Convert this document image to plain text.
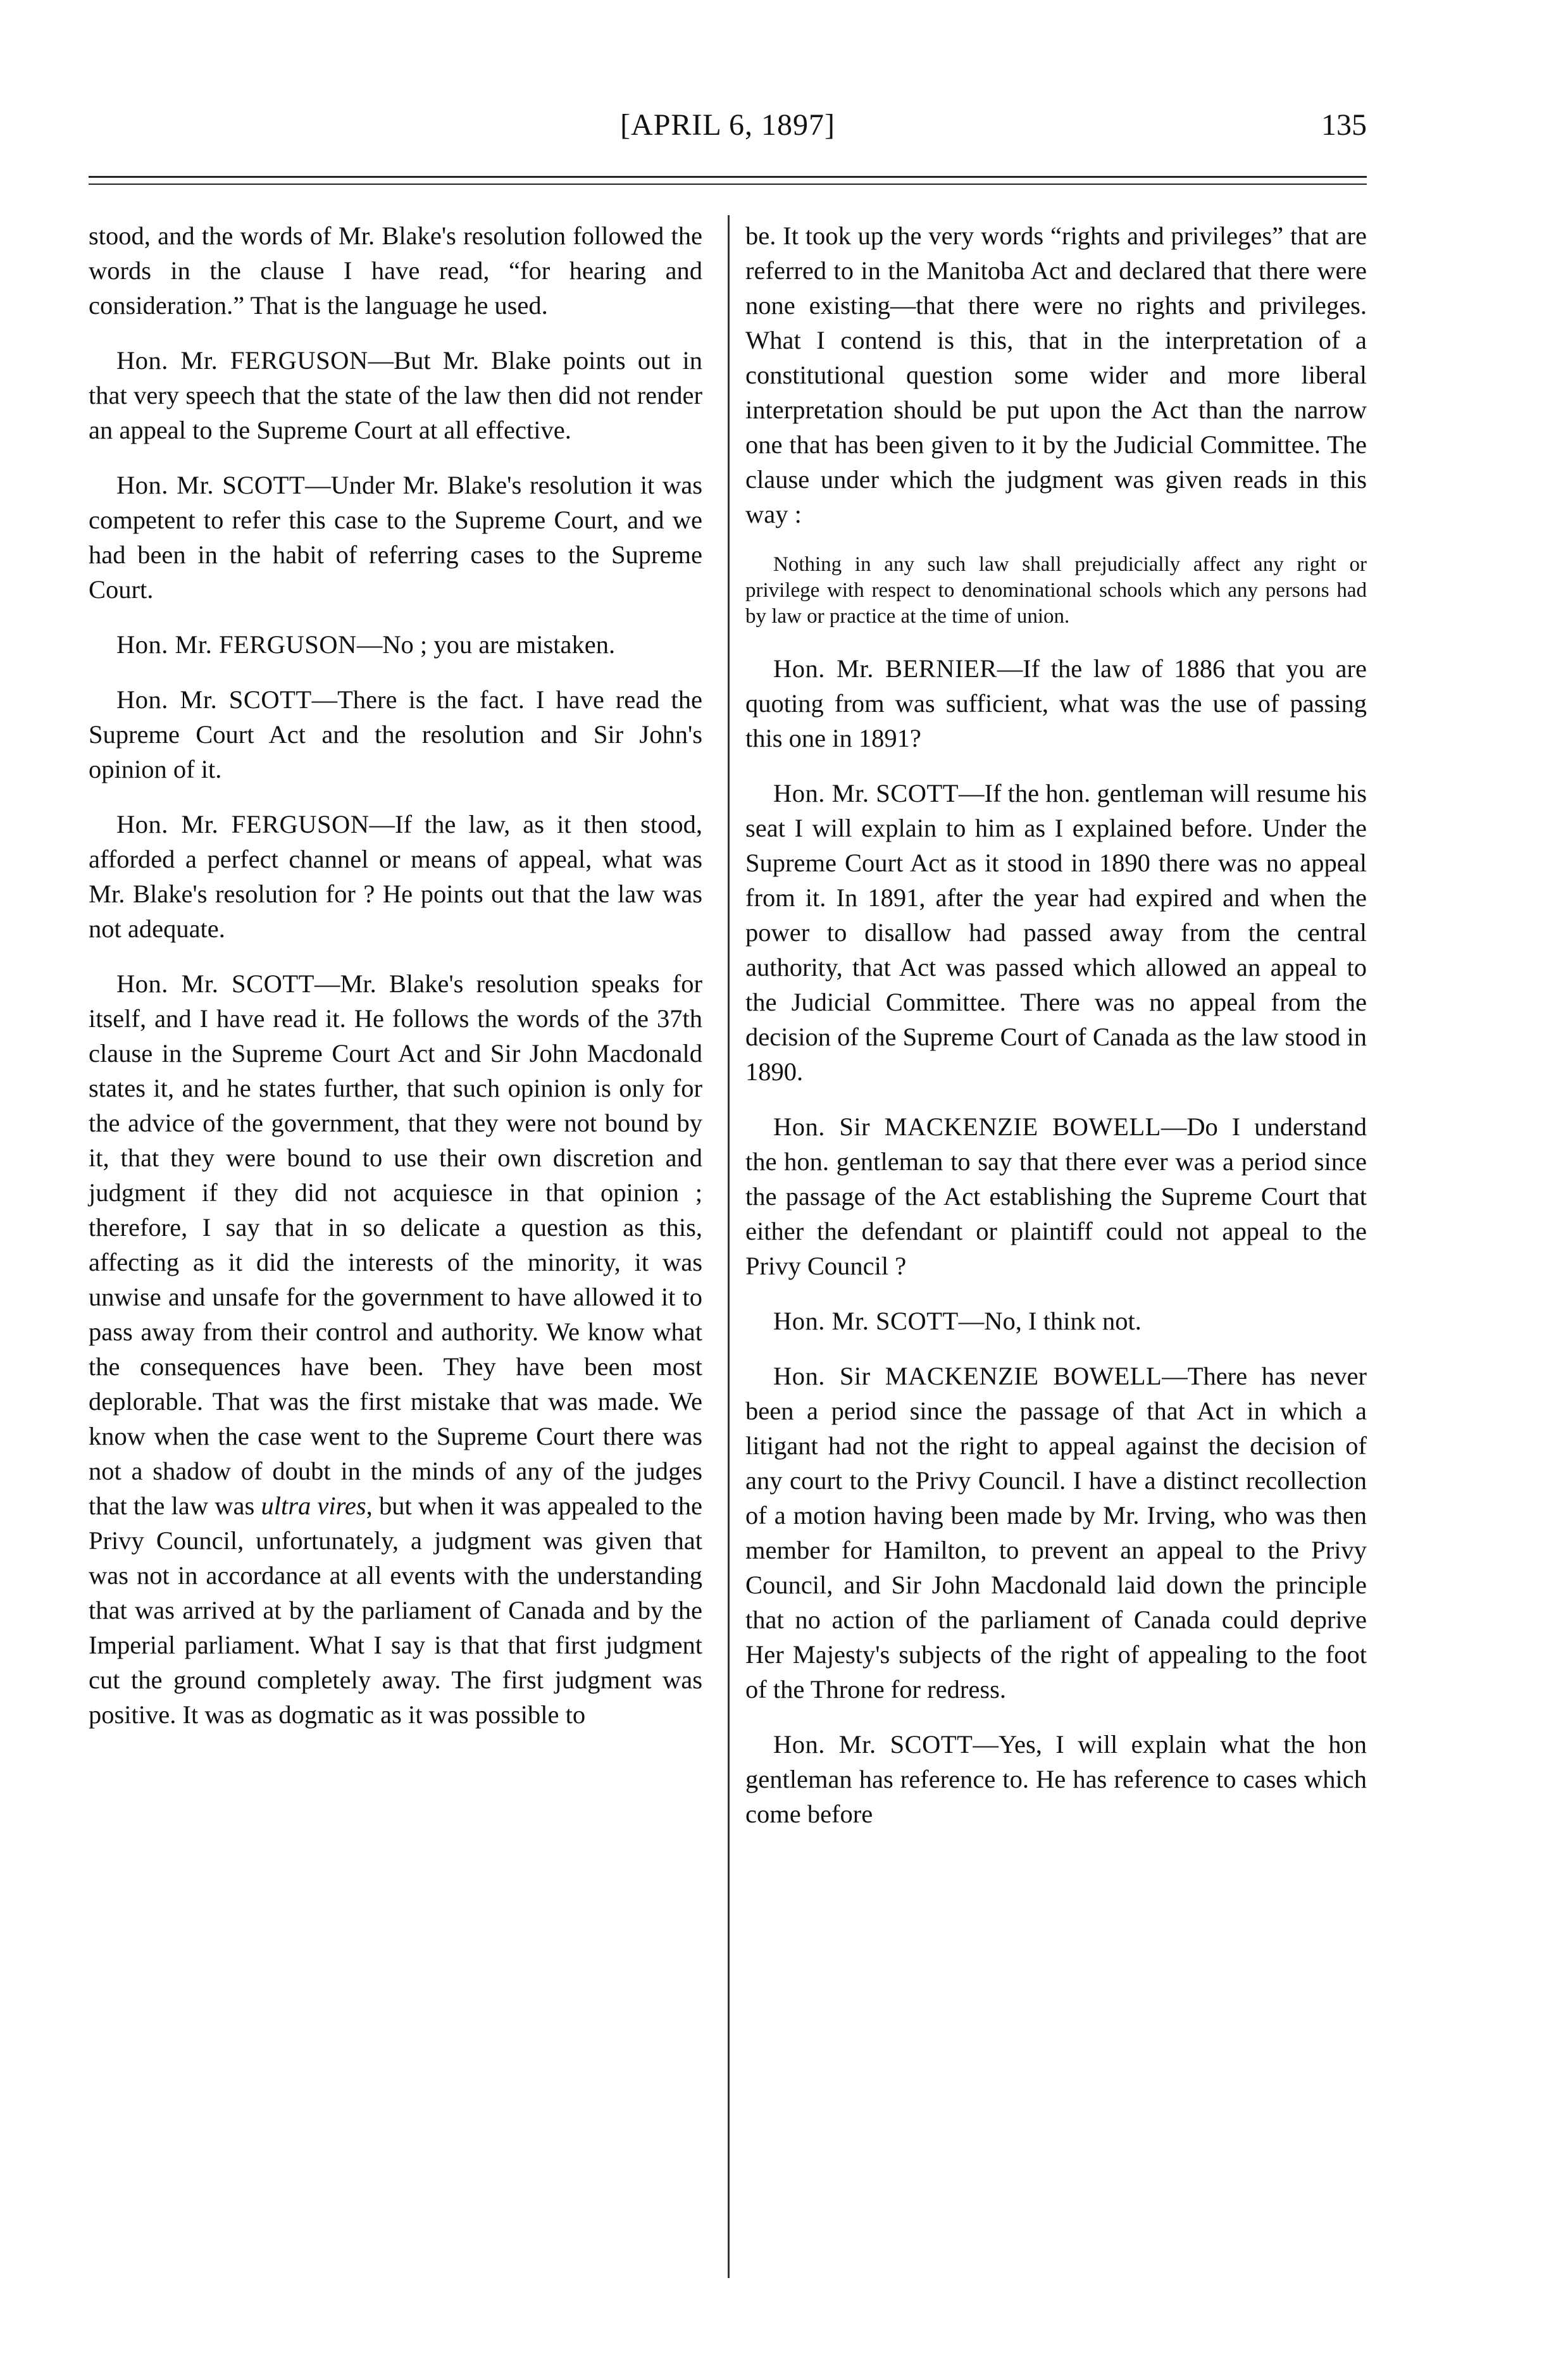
[APRIL 6, 1897]	135

stood, and the words of Mr. Blake's resolution followed the words in the clause I have read, “for hearing and consideration.” That is the language he used.

Hon. Mr. FERGUSON—But Mr. Blake points out in that very speech that the state of the law then did not render an appeal to the Supreme Court at all effective.

Hon. Mr. SCOTT—Under Mr. Blake's resolution it was competent to refer this case to the Supreme Court, and we had been in the habit of referring cases to the Supreme Court.

Hon. Mr. FERGUSON—No ; you are mistaken.

Hon. Mr. SCOTT—There is the fact. I have read the Supreme Court Act and the resolution and Sir John's opinion of it.

Hon. Mr. FERGUSON—If the law, as it then stood, afforded a perfect channel or means of appeal, what was Mr. Blake's resolution for ? He points out that the law was not adequate.

Hon. Mr. SCOTT—Mr. Blake's resolution speaks for itself, and I have read it. He follows the words of the 37th clause in the Supreme Court Act and Sir John Macdonald states it, and he states further, that such opinion is only for the advice of the government, that they were not bound by it, that they were bound to use their own discretion and judgment if they did not acquiesce in that opinion ; therefore, I say that in so delicate a question as this, affecting as it did the interests of the minority, it was unwise and unsafe for the government to have allowed it to pass away from their control and authority. We know what the consequences have been. They have been most deplorable. That was the first mistake that was made. We know when the case went to the Supreme Court there was not a shadow of doubt in the minds of any of the judges that the law was ultra vires, but when it was appealed to the Privy Council, unfortunately, a judgment was given that was not in accordance at all events with the understanding that was arrived at by the parliament of Canada and by the Imperial parliament. What I say is that that first judgment cut the ground completely away. The first judgment was positive. It was as dogmatic as it was possible to

be. It took up the very words “rights and privileges” that are referred to in the Manitoba Act and declared that there were none existing—that there were no rights and privileges. What I contend is this, that in the interpretation of a constitutional question some wider and more liberal interpretation should be put upon the Act than the narrow one that has been given to it by the Judicial Committee. The clause under which the judgment was given reads in this way :

Nothing in any such law shall prejudicially affect any right or privilege with respect to denominational schools which any persons had by law or practice at the time of union.

Hon. Mr. BERNIER—If the law of 1886 that you are quoting from was sufficient, what was the use of passing this one in 1891?

Hon. Mr. SCOTT—If the hon. gentleman will resume his seat I will explain to him as I explained before. Under the Supreme Court Act as it stood in 1890 there was no appeal from it. In 1891, after the year had expired and when the power to disallow had passed away from the central authority, that Act was passed which allowed an appeal to the Judicial Committee. There was no appeal from the decision of the Supreme Court of Canada as the law stood in 1890.

Hon. Sir MACKENZIE BOWELL—Do I understand the hon. gentleman to say that there ever was a period since the passage of the Act establishing the Supreme Court that either the defendant or plaintiff could not appeal to the Privy Council ?

Hon. Mr. SCOTT—No, I think not.

Hon. Sir MACKENZIE BOWELL—There has never been a period since the passage of that Act in which a litigant had not the right to appeal against the decision of any court to the Privy Council. I have a distinct recollection of a motion having been made by Mr. Irving, who was then member for Hamilton, to prevent an appeal to the Privy Council, and Sir John Macdonald laid down the principle that no action of the parliament of Canada could deprive Her Majesty's subjects of the right of appealing to the foot of the Throne for redress.

Hon. Mr. SCOTT—Yes, I will explain what the hon gentleman has reference to. He has reference to cases which come before
